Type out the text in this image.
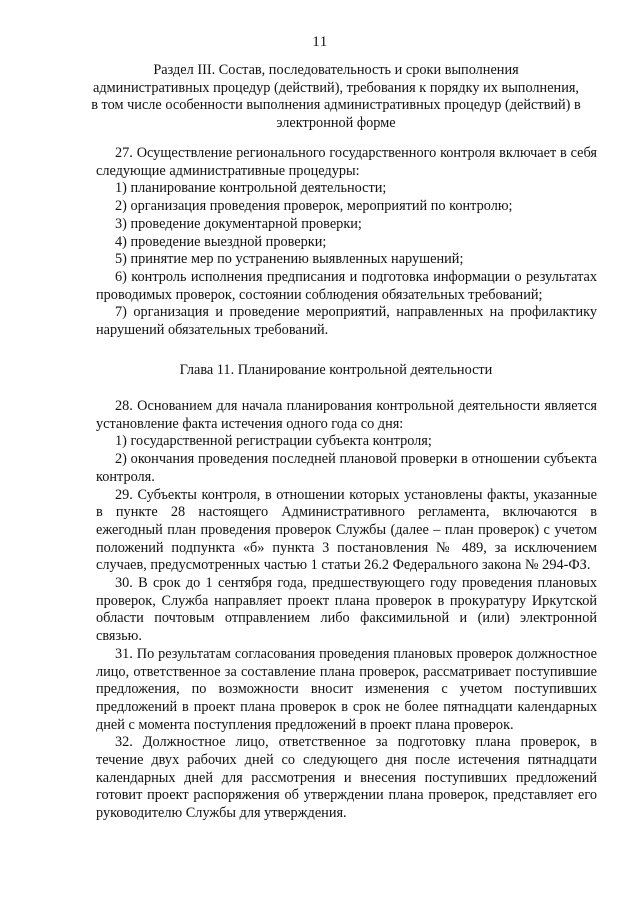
11
Раздел III. Состав, последовательность и сроки выполнения
административных процедур (действий), требования к порядку их выполнения,
в том числе особенности выполнения административных процедур (действий) в
электронной форме

27. Осуществление регионального государственного контроля включает в себя следующие административные процедуры:

1) планирование контрольной деятельности;

2) организация проведения проверок, мероприятий по контролю;

3) проведение документарной проверки;

4) проведение выездной проверки;

5) принятие мер по устранению выявленных нарушений;

6) контроль исполнения предписания и подготовка информации о результатах проводимых проверок, состоянии соблюдения обязательных требований;

7) организация и проведение мероприятий, направленных на профилактику нарушений обязательных требований.

Глава 11. Планирование контрольной деятельности

28. Основанием для начала планирования контрольной деятельности является установление факта истечения одного года со дня:

1) государственной регистрации субъекта контроля;

2) окончания проведения последней плановой проверки в отношении субъекта контроля.

29. Субъекты контроля, в отношении которых установлены факты, указанные в пункте 28 настоящего Административного регламента, включаются в ежегодный план проведения проверок Службы (далее – план проверок) с учетом положений подпункта «б» пункта 3 постановления № 489, за исключением случаев, предусмотренных частью 1 статьи 26.2 Федерального закона № 294-ФЗ.

30. В срок до 1 сентября года, предшествующего году проведения плановых проверок, Служба направляет проект плана проверок в прокуратуру Иркутской области почтовым отправлением либо факсимильной и (или) электронной связью.

31. По результатам согласования проведения плановых проверок должностное лицо, ответственное за составление плана проверок, рассматривает поступившие предложения, по возможности вносит изменения с учетом поступивших предложений в проект плана проверок в срок не более пятнадцати календарных дней с момента поступления предложений в проект плана проверок.

32. Должностное лицо, ответственное за подготовку плана проверок, в течение двух рабочих дней со следующего дня после истечения пятнадцати календарных дней для рассмотрения и внесения поступивших предложений готовит проект распоряжения об утверждении плана проверок, представляет его руководителю Службы для утверждения.
